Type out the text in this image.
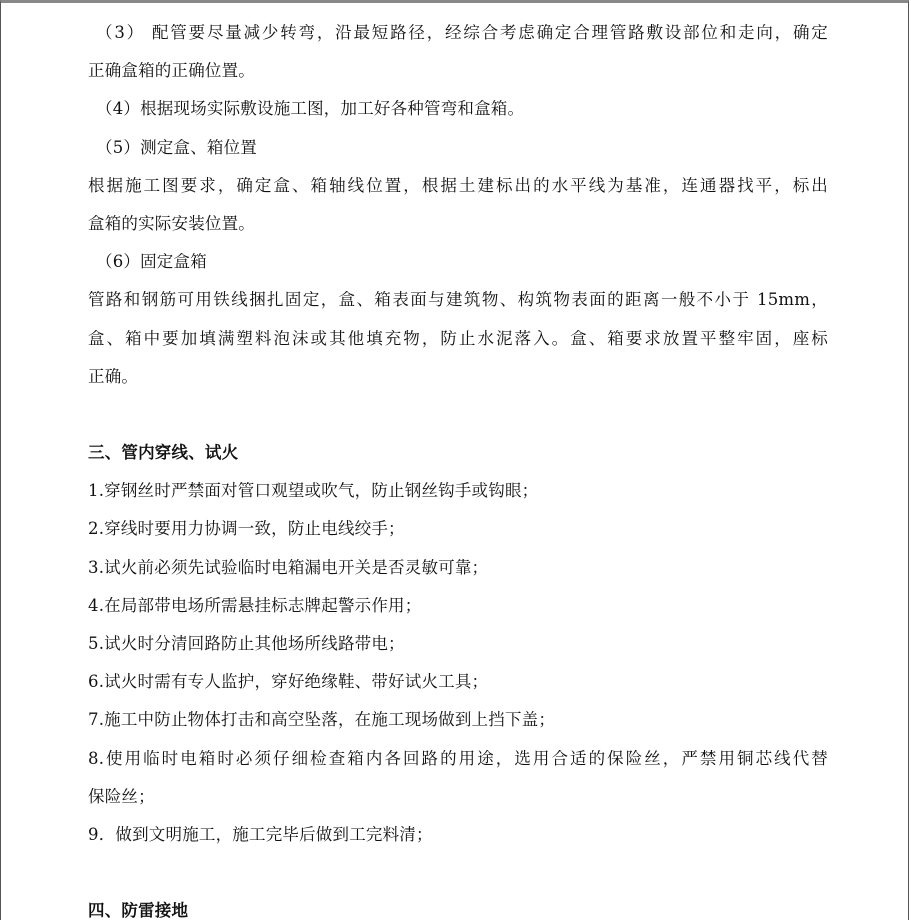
（3） 配管要尽量减少转弯，沿最短路径，经综合考虑确定合理管路敷设部位和走向，确定
正确盒箱的正确位置。
（4）根据现场实际敷设施工图，加工好各种管弯和盒箱。
（5）测定盒、箱位置
根据施工图要求，确定盒、箱轴线位置，根据土建标出的水平线为基准，连通器找平，标出
盒箱的实际安装位置。
（6）固定盒箱
管路和钢筋可用铁线捆扎固定，盒、箱表面与建筑物、构筑物表面的距离一般不小于 15mm，
盒、箱中要加填满塑料泡沫或其他填充物，防止水泥落入。盒、箱要求放置平整牢固，座标
正确。
三、管内穿线、试火
1.穿钢丝时严禁面对管口观望或吹气，防止钢丝钩手或钩眼；
2.穿线时要用力协调一致，防止电线绞手；
3.试火前必须先试验临时电箱漏电开关是否灵敏可靠；
4.在局部带电场所需悬挂标志牌起警示作用；
5.试火时分清回路防止其他场所线路带电；
6.试火时需有专人监护，穿好绝缘鞋、带好试火工具；
7.施工中防止物体打击和高空坠落，在施工现场做到上挡下盖；
8.使用临时电箱时必须仔细检查箱内各回路的用途，选用合适的保险丝，严禁用铜芯线代替
保险丝；
9．做到文明施工，施工完毕后做到工完料清；
四、防雷接地
